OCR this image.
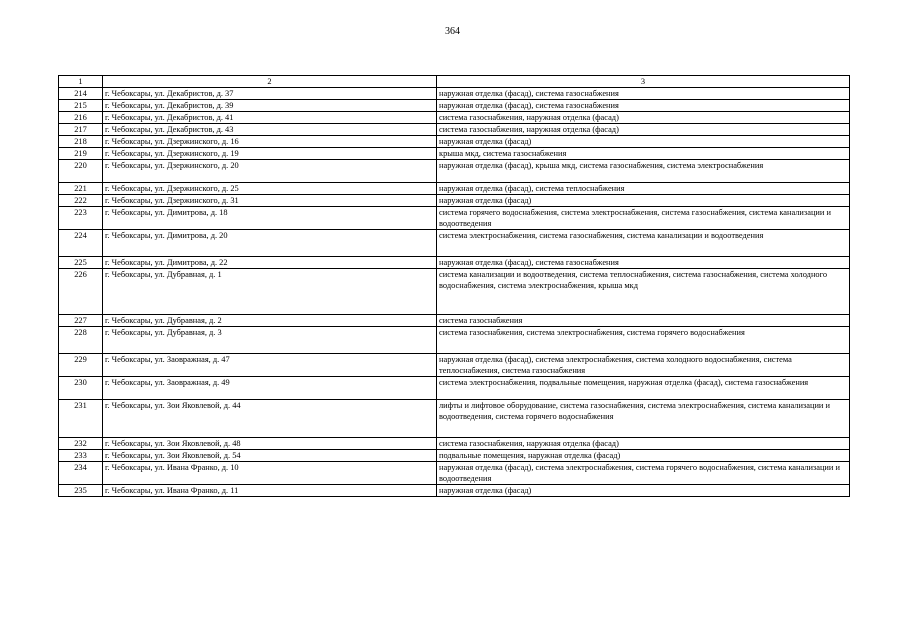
364
1	2	3
214	г. Чебоксары, ул. Декабристов, д. 37	наружная отделка (фасад), система газоснабжения
215	г. Чебоксары, ул. Декабристов, д. 39	наружная отделка (фасад), система газоснабжения
216	г. Чебоксары, ул. Декабристов, д. 41	система газоснабжения, наружная отделка (фасад)
217	г. Чебоксары, ул. Декабристов, д. 43	система газоснабжения, наружная отделка (фасад)
218	г. Чебоксары, ул. Дзержинского, д. 16	наружная отделка (фасад)
219	г. Чебоксары, ул. Дзержинского, д. 19	крыша мкд, система газоснабжения
220	г. Чебоксары, ул. Дзержинского, д. 20	наружная отделка (фасад), крыша мкд, система газоснабжения, система электроснабжения
221	г. Чебоксары, ул. Дзержинского, д. 25	наружная отделка (фасад), система теплоснабжения
222	г. Чебоксары, ул. Дзержинского, д. 31	наружная отделка (фасад)
223	г. Чебоксары, ул. Димитрова, д. 18	система горячего водоснабжения, система электроснабжения, система газоснабжения, система канализации и водоотведения
224	г. Чебоксары, ул. Димитрова, д. 20	система электроснабжения, система газоснабжения, система канализации и водоотведения
225	г. Чебоксары, ул. Димитрова, д. 22	наружная отделка (фасад), система газоснабжения
226	г. Чебоксары, ул. Дубравная, д. 1	система канализации и водоотведения, система теплоснабжения, система газоснабжения, система холодного водоснабжения, система электроснабжения, крыша мкд
227	г. Чебоксары, ул. Дубравная, д. 2	система газоснабжения
228	г. Чебоксары, ул. Дубравная, д. 3	система газоснабжения, система электроснабжения, система горячего водоснабжения
229	г. Чебоксары, ул. Заовражная, д. 47	наружная отделка (фасад), система электроснабжения, система холодного водоснабжения, система теплоснабжения, система газоснабжения
230	г. Чебоксары, ул. Заовражная, д. 49	система электроснабжения, подвальные помещения, наружная отделка (фасад), система газоснабжения
231	г. Чебоксары, ул. Зои Яковлевой, д. 44	лифты и лифтовое оборудование, система газоснабжения, система электроснабжения, система канализации и водоотведения, система горячего водоснабжения
232	г. Чебоксары, ул. Зои Яковлевой, д. 48	система газоснабжения, наружная отделка (фасад)
233	г. Чебоксары, ул. Зои Яковлевой, д. 54	подвальные помещения, наружная отделка (фасад)
234	г. Чебоксары, ул. Ивана Франко, д. 10	наружная отделка (фасад), система электроснабжения, система горячего водоснабжения, система канализации и водоотведения
235	г. Чебоксары, ул. Ивана Франко, д. 11	наружная отделка (фасад)
